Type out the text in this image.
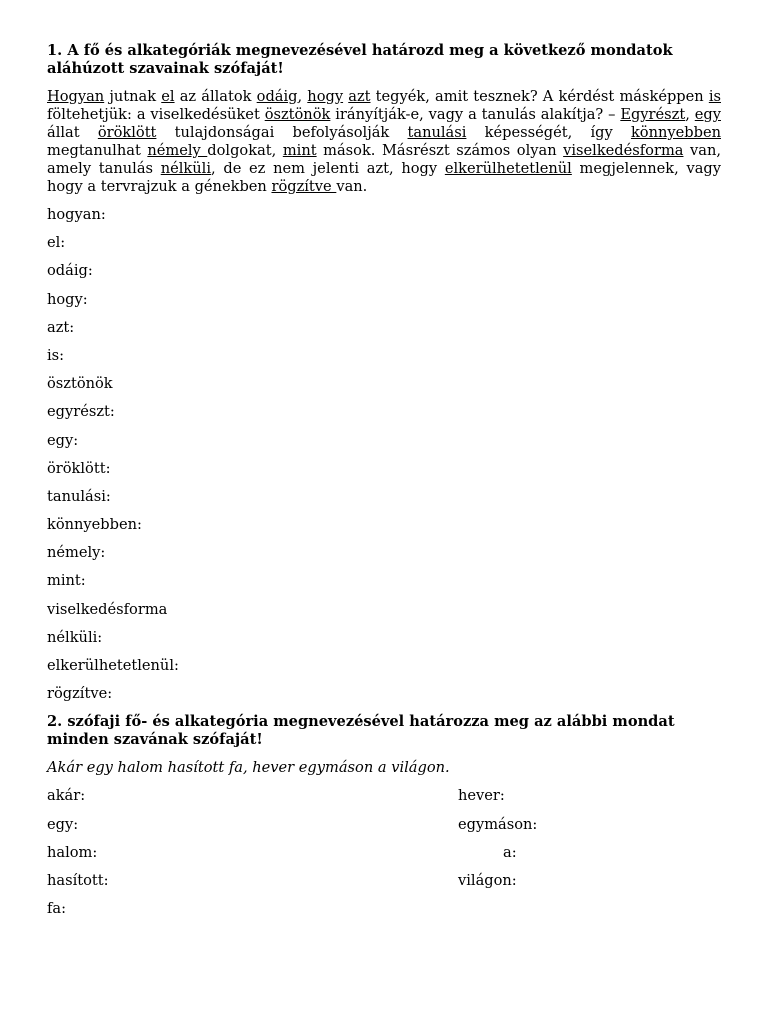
1. A fő és alkategóriák megnevezésével határozd meg a következő mondatok aláhúzott szavainak szófaját!
Hogyan jutnak el az állatok odáig, hogy azt tegyék, amit tesznek? A kérdést másképpen is föltehetjük: a viselkedésüket ösztönök irányítják-e, vagy a tanulás alakítja? – Egyrészt, egy állat öröklött tulajdonságai befolyásolják tanulási képességét, így könnyebben megtanulhat némely dolgokat, mint mások. Másrészt számos olyan viselkedésforma van, amely tanulás nélküli, de ez nem jelenti azt, hogy elkerülhetetlenül megjelennek, vagy hogy a tervrajzuk a génekben rögzítve van.
hogyan:
el:
odáig:
hogy:
azt:
is:
ösztönök
egyrészt:
egy:
öröklött:
tanulási:
könnyebben:
némely:
mint:
viselkedésforma
nélküli:
elkerülhetetlenül:
rögzítve:
2. szófaji fő- és alkategória megnevezésével határozza meg az alábbi mondat minden szavának szófaját!
Akár egy halom hasított fa, hever egymáson a világon.
akár:	hever:
egy:	egymáson:
halom:	a:
hasított:	világon:
fa:
